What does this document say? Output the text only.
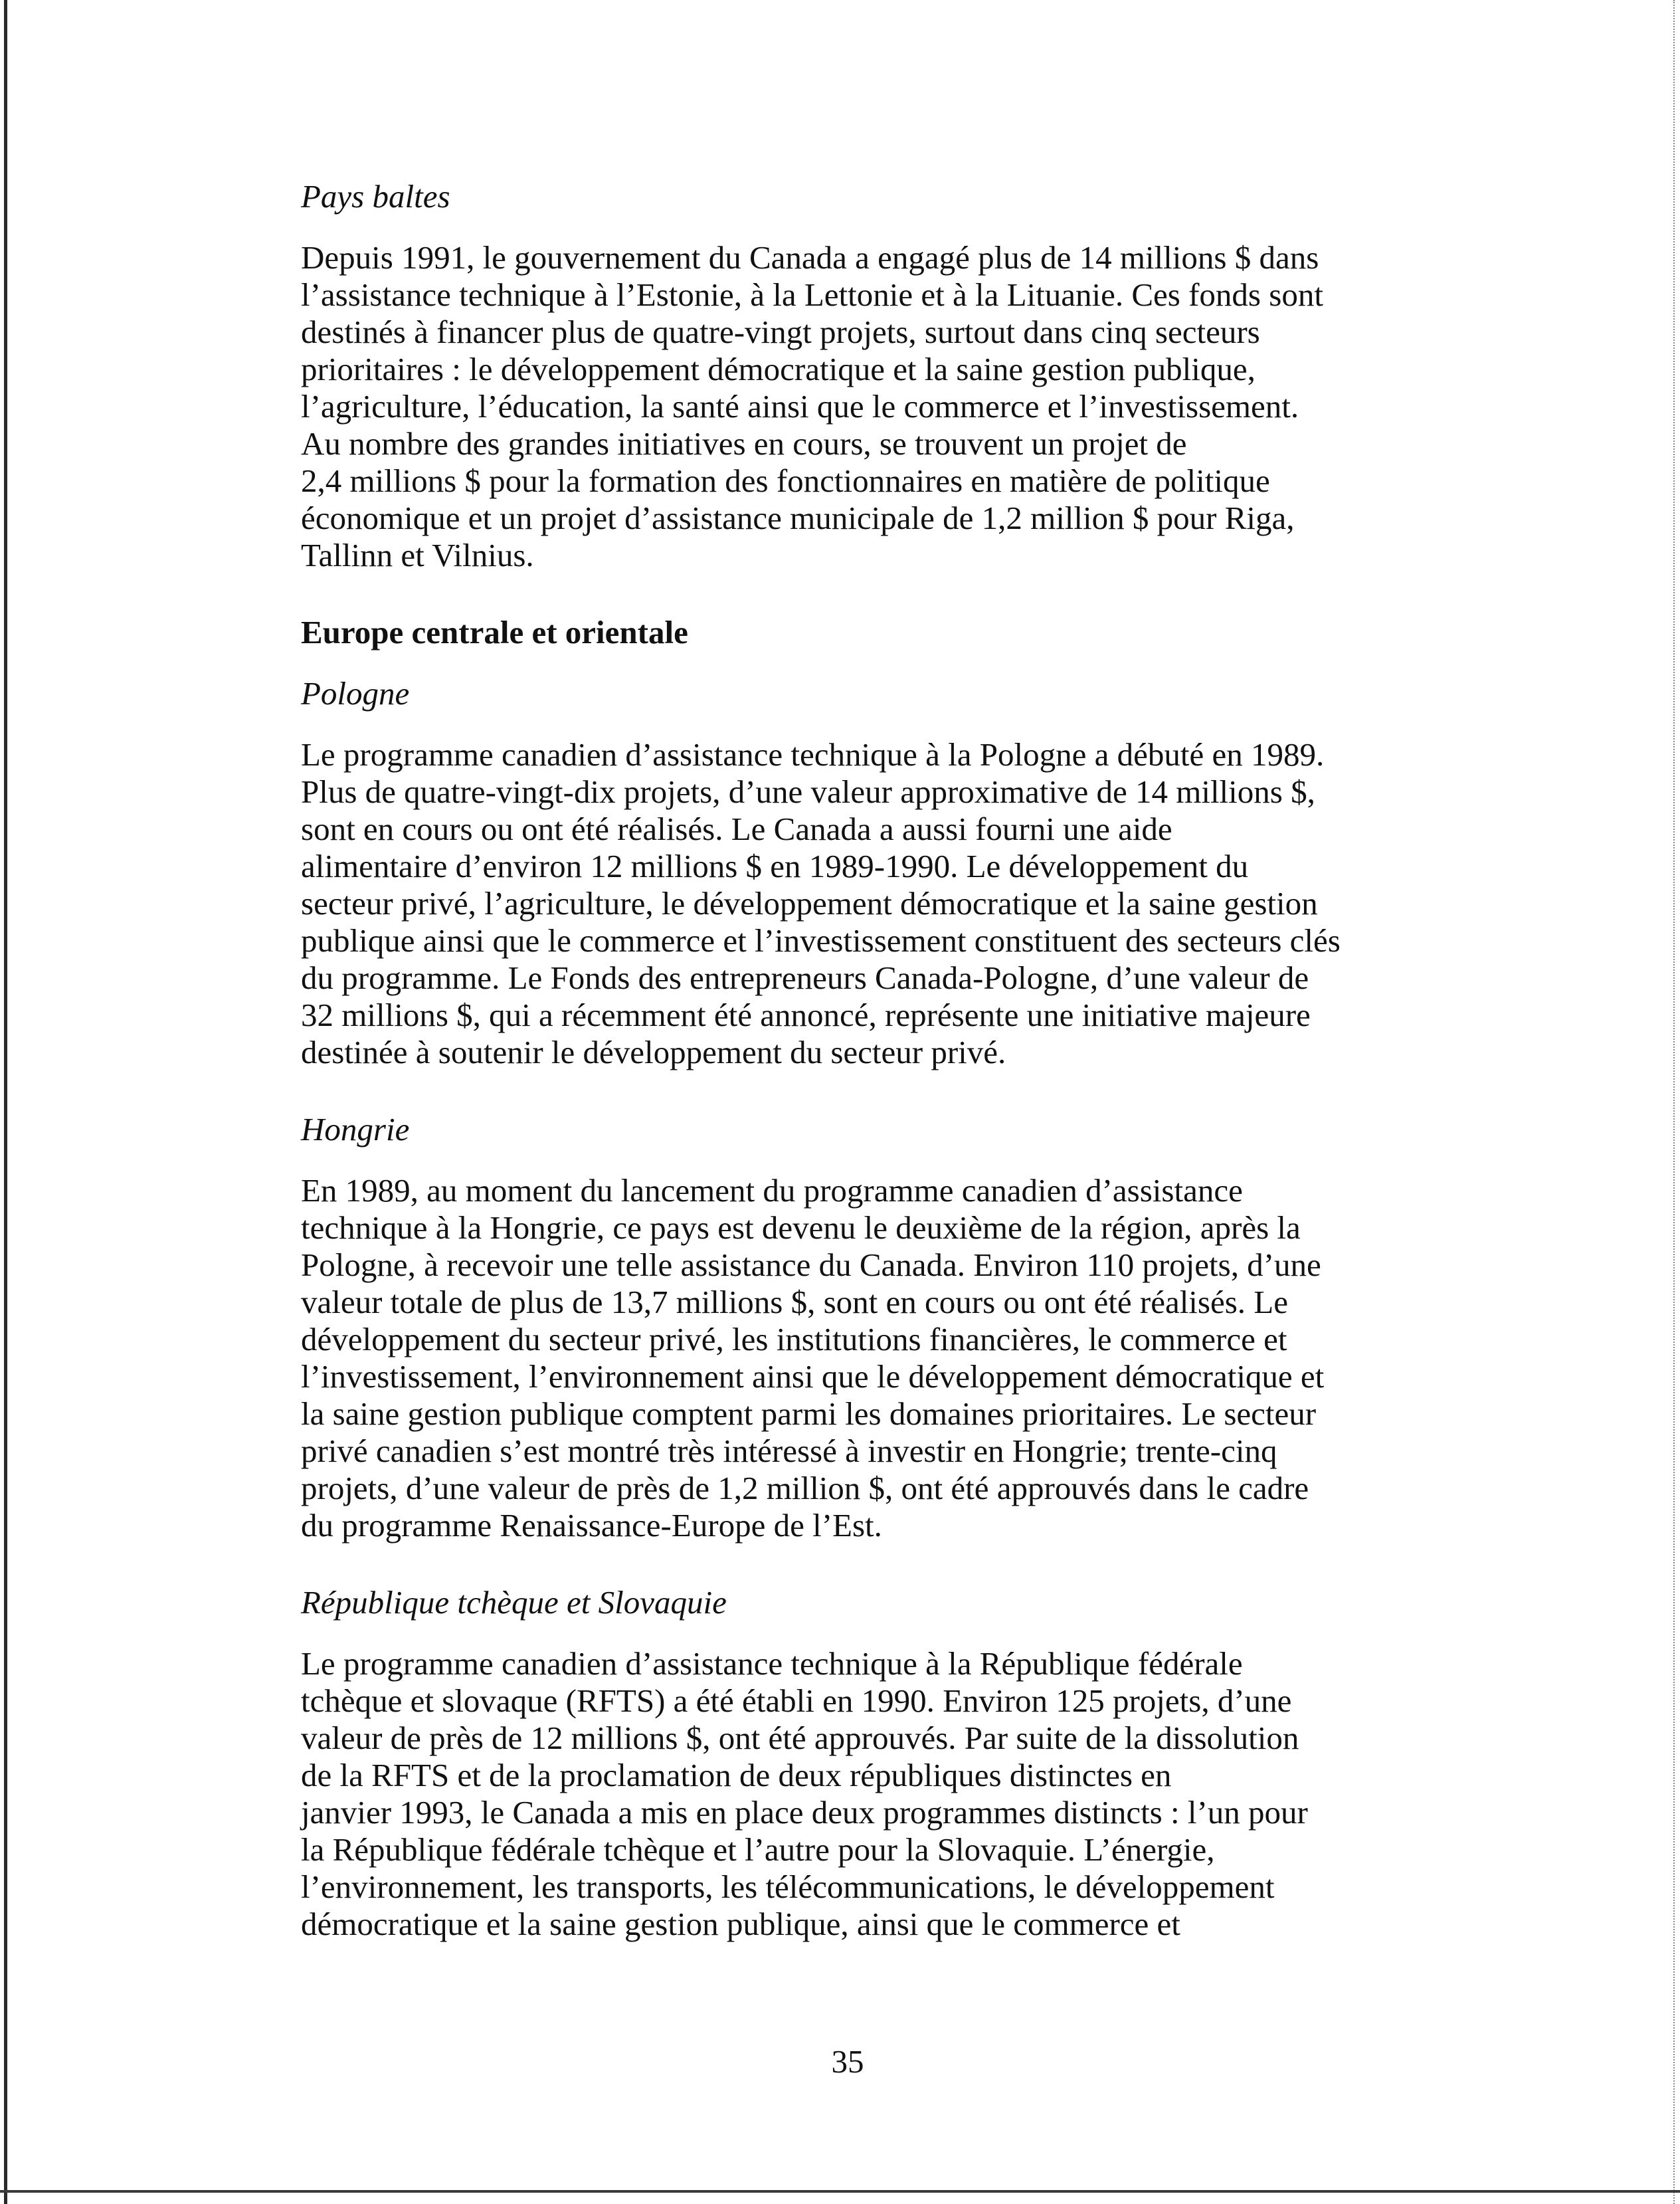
Pays baltes
Depuis 1991, le gouvernement du Canada a engagé plus de 14 millions $ dans
l’assistance technique à l’Estonie, à la Lettonie et à la Lituanie. Ces fonds sont
destinés à financer plus de quatre-vingt projets, surtout dans cinq secteurs
prioritaires : le développement démocratique et la saine gestion publique,
l’agriculture, l’éducation, la santé ainsi que le commerce et l’investissement.
Au nombre des grandes initiatives en cours, se trouvent un projet de
2,4 millions $ pour la formation des fonctionnaires en matière de politique
économique et un projet d’assistance municipale de 1,2 million $ pour Riga,
Tallinn et Vilnius.
Europe centrale et orientale
Pologne
Le programme canadien d’assistance technique à la Pologne a débuté en 1989.
Plus de quatre-vingt-dix projets, d’une valeur approximative de 14 millions $,
sont en cours ou ont été réalisés. Le Canada a aussi fourni une aide
alimentaire d’environ 12 millions $ en 1989-1990. Le développement du
secteur privé, l’agriculture, le développement démocratique et la saine gestion
publique ainsi que le commerce et l’investissement constituent des secteurs clés
du programme. Le Fonds des entrepreneurs Canada-Pologne, d’une valeur de
32 millions $, qui a récemment été annoncé, représente une initiative majeure
destinée à soutenir le développement du secteur privé.
Hongrie
En 1989, au moment du lancement du programme canadien d’assistance
technique à la Hongrie, ce pays est devenu le deuxième de la région, après la
Pologne, à recevoir une telle assistance du Canada. Environ 110 projets, d’une
valeur totale de plus de 13,7 millions $, sont en cours ou ont été réalisés. Le
développement du secteur privé, les institutions financières, le commerce et
l’investissement, l’environnement ainsi que le développement démocratique et
la saine gestion publique comptent parmi les domaines prioritaires. Le secteur
privé canadien s’est montré très intéressé à investir en Hongrie; trente-cinq
projets, d’une valeur de près de 1,2 million $, ont été approuvés dans le cadre
du programme Renaissance-Europe de l’Est.
République tchèque et Slovaquie
Le programme canadien d’assistance technique à la République fédérale
tchèque et slovaque (RFTS) a été établi en 1990. Environ 125 projets, d’une
valeur de près de 12 millions $, ont été approuvés. Par suite de la dissolution
de la RFTS et de la proclamation de deux républiques distinctes en
janvier 1993, le Canada a mis en place deux programmes distincts : l’un pour
la République fédérale tchèque et l’autre pour la Slovaquie. L’énergie,
l’environnement, les transports, les télécommunications, le développement
démocratique et la saine gestion publique, ainsi que le commerce et
35
